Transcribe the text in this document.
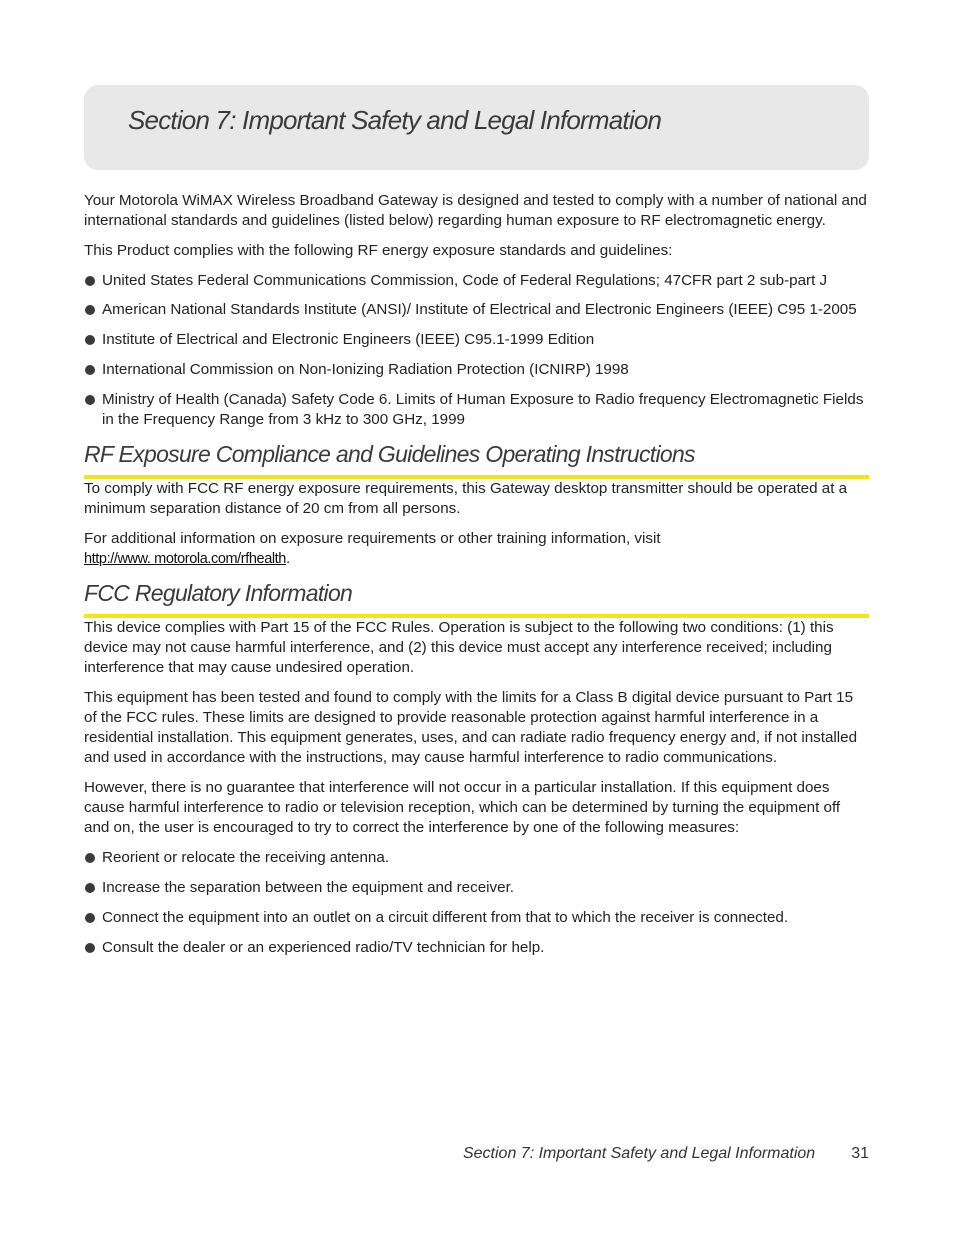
Section 7: Important Safety and Legal Information

Your Motorola WiMAX Wireless Broadband Gateway is designed and tested to comply with a number of national and international standards and guidelines (listed below) regarding human exposure to RF electromagnetic energy.

This Product complies with the following RF energy exposure standards and guidelines:

United States Federal Communications Commission, Code of Federal Regulations; 47CFR part 2 sub-part J
American National Standards Institute (ANSI)/ Institute of Electrical and Electronic Engineers (IEEE) C95 1-2005
Institute of Electrical and Electronic Engineers (IEEE) C95.1-1999 Edition
International Commission on Non-Ionizing Radiation Protection (ICNIRP) 1998
Ministry of Health (Canada) Safety Code 6. Limits of Human Exposure to Radio frequency Electromagnetic Fields in the Frequency Range from 3 kHz to 300 GHz, 1999
RF Exposure Compliance and Guidelines Operating Instructions

To comply with FCC RF energy exposure requirements, this Gateway desktop transmitter should be operated at a minimum separation distance of 20 cm from all persons.

For additional information on exposure requirements or other training information, visit
http://www. motorola.com/rfhealth.

FCC Regulatory Information

This device complies with Part 15 of the FCC Rules. Operation is subject to the following two conditions: (1) this device may not cause harmful interference, and (2) this device must accept any interference received; including interference that may cause undesired operation.

This equipment has been tested and found to comply with the limits for a Class B digital device pursuant to Part 15 of the FCC rules. These limits are designed to provide reasonable protection against harmful interference in a residential installation. This equipment generates, uses, and can radiate radio frequency energy and, if not installed and used in accordance with the instructions, may cause harmful interference to radio communications.

However, there is no guarantee that interference will not occur in a particular installation. If this equipment does cause harmful interference to radio or television reception, which can be determined by turning the equipment off and on, the user is encouraged to try to correct the interference by one of the following measures:

Reorient or relocate the receiving antenna.
Increase the separation between the equipment and receiver.
Connect the equipment into an outlet on a circuit different from that to which the receiver is connected.
Consult the dealer or an experienced radio/TV technician for help.
Section 7: Important Safety and Legal Information 31
